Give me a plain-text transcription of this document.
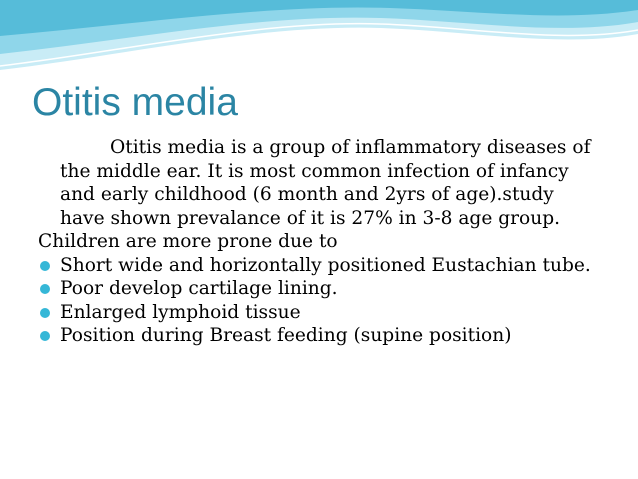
Otitis media

Otitis media is a group of inflammatory diseases of the middle ear. It is most common infection of infancy and early childhood (6 month and 2yrs of age).study have shown prevalance of it is 27% in 3-8 age group.

Children are more prone due to

Short wide and horizontally positioned Eustachian tube.
Poor develop cartilage lining.
Enlarged lymphoid tissue
Position during Breast feeding (supine position)
